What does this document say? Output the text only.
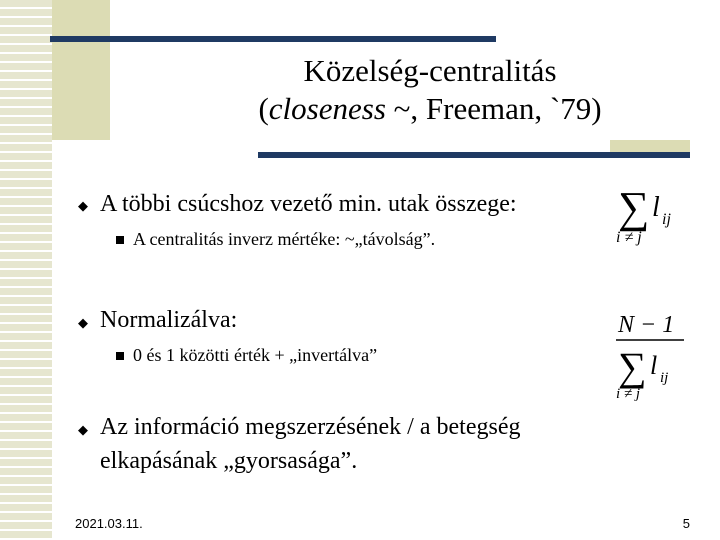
Közelség-centralitás
(closeness ~, Freeman, `79)
◆ A többi csúcshoz vezető min. utak összege:
A centralitás inverz mértéke: ~„távolság”.
◆ Normalizálva:
0 és 1 közötti érték + „invertálva”
◆ Az információ megszerzésének / a betegség
elkapásának „gyorsasága”.
∑ l ij
i ≠ j
N − 1
∑ l ij
i ≠ j
2021.03.11.	5
